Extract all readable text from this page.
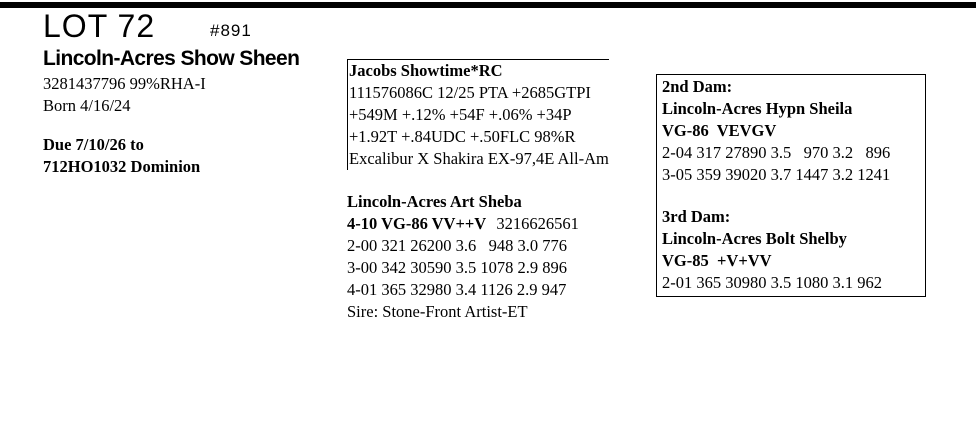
LOT 72	#891
Lincoln-Acres Show Sheen
3281437796 99%RHA-I
Born 4/16/24
Due 7/10/26 to
712HO1032 Dominion
Jacobs Showtime*RC
111576086C 12/25 PTA +2685GTPI
+549M +.12% +54F +.06% +34P
+1.92T +.84UDC +.50FLC 98%R
Excalibur X Shakira EX-97,4E All-Am
Lincoln-Acres Art Sheba
4-10 VG-86 VV++V 3216626561
2-00 321 26200 3.6   948 3.0 776
3-00 342 30590 3.5 1078 2.9 896
4-01 365 32980 3.4 1126 2.9 947
Sire: Stone-Front Artist-ET
2nd Dam:
Lincoln-Acres Hypn Sheila
VG-86  VEVGV
2-04 317 27890 3.5   970 3.2   896
3-05 359 39020 3.7 1447 3.2 1241
3rd Dam:
Lincoln-Acres Bolt Shelby
VG-85  +V+VV
2-01 365 30980 3.5 1080 3.1 962
